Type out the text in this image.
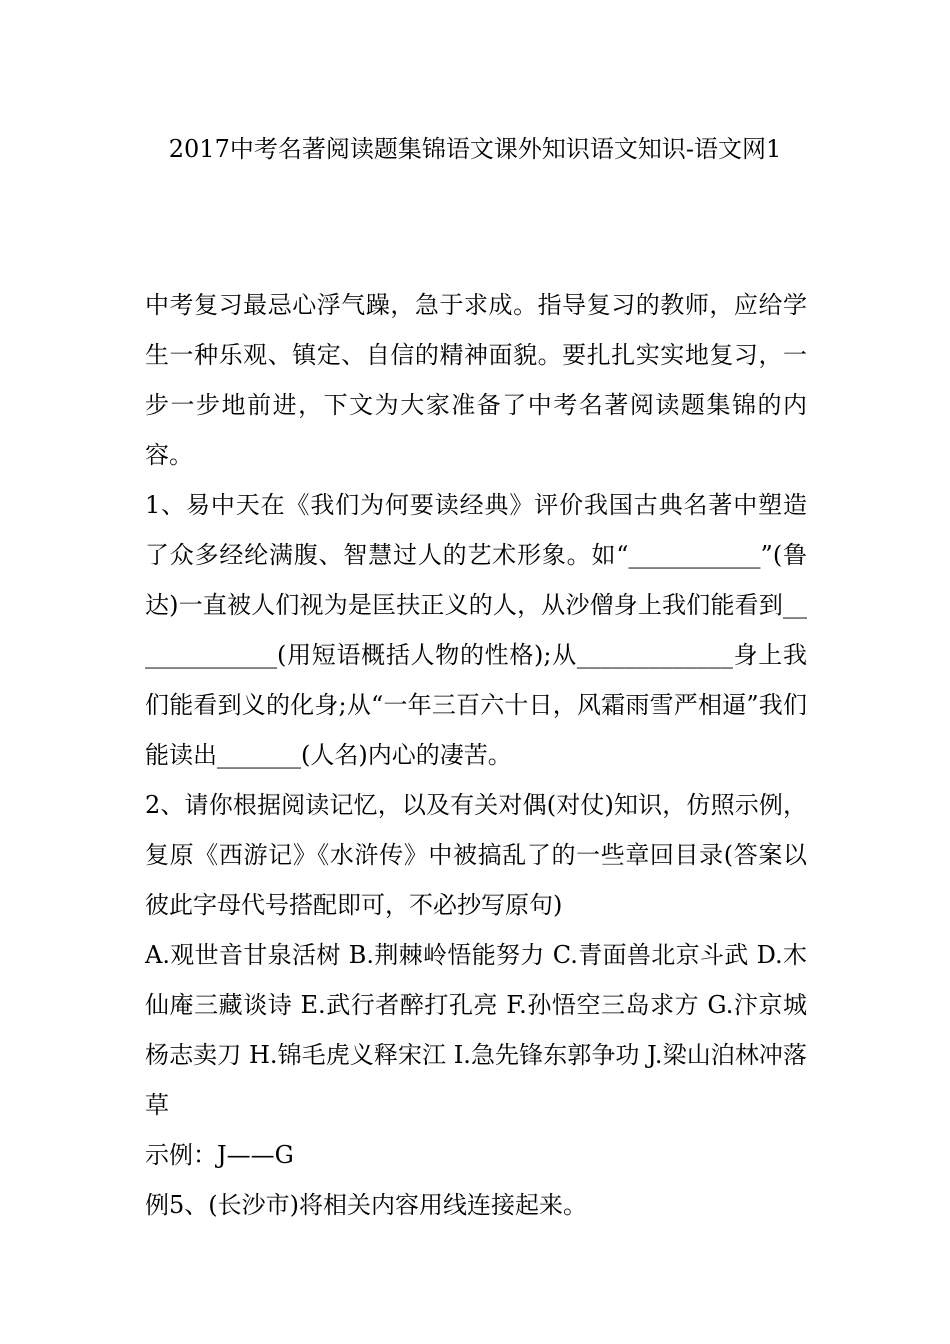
2017中考名著阅读题集锦语文课外知识语文知识-语文网1

中考复习最忌心浮气躁，急于求成。指导复习的教师，应给学生一种乐观、镇定、自信的精神面貌。要扎扎实实地复习，一步一步地前进，下文为大家准备了中考名著阅读题集锦的内容。

1、易中天在《我们为何要读经典》评价我国古典名著中塑造了众多经纶满腹、智慧过人的艺术形象。如“___________”(鲁达)一直被人们视为是匡扶正义的人，从沙僧身上我们能看到_____________(用短语概括人物的性格);从_____________身上我们能看到义的化身;从“一年三百六十日，风霜雨雪严相逼”我们能读出_______(人名)内心的凄苦。

2、请你根据阅读记忆，以及有关对偶(对仗)知识，仿照示例，复原《西游记》《水浒传》中被搞乱了的一些章回目录(答案以彼此字母代号搭配即可，不必抄写原句)

A.观世音甘泉活树 B.荆棘岭悟能努力 C.青面兽北京斗武 D.木仙庵三藏谈诗 E.武行者醉打孔亮 F.孙悟空三岛求方 G.汴京城杨志卖刀 H.锦毛虎义释宋江 I.急先锋东郭争功 J.梁山泊林冲落草

示例：J——G

例5、(长沙市)将相关内容用线连接起来。
